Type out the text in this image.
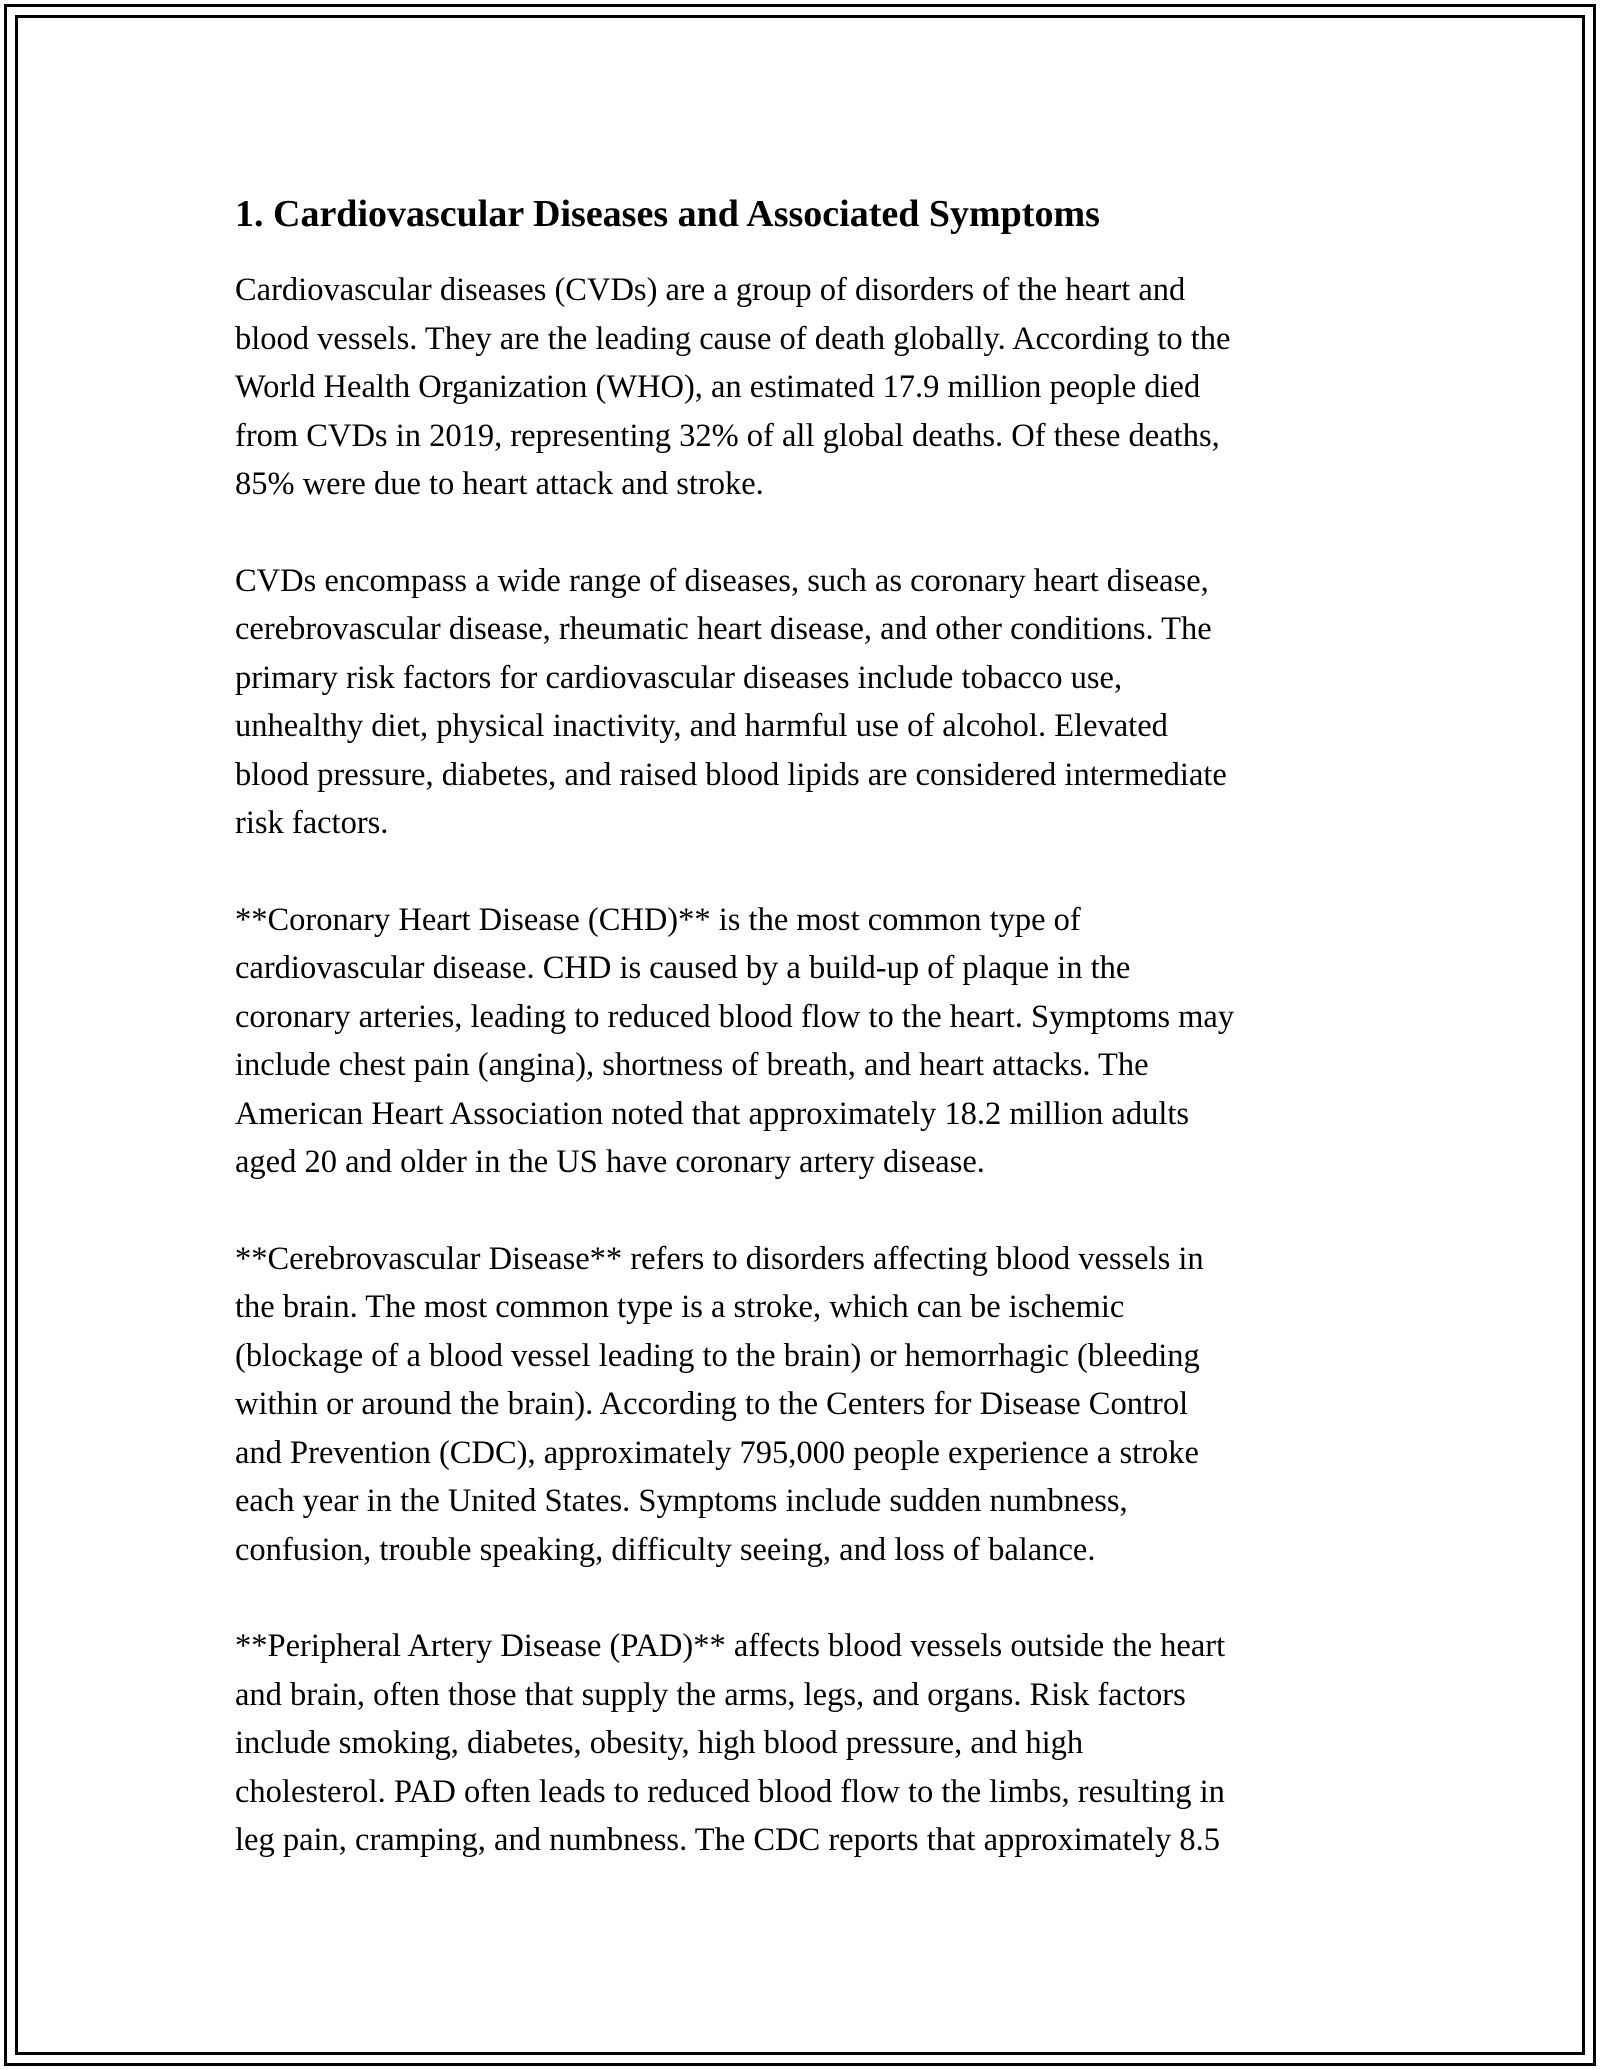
1. Cardiovascular Diseases and Associated Symptoms

Cardiovascular diseases (CVDs) are a group of disorders of the heart and
blood vessels. They are the leading cause of death globally. According to the
World Health Organization (WHO), an estimated 17.9 million people died
from CVDs in 2019, representing 32% of all global deaths. Of these deaths,
85% were due to heart attack and stroke.

CVDs encompass a wide range of diseases, such as coronary heart disease,
cerebrovascular disease, rheumatic heart disease, and other conditions. The
primary risk factors for cardiovascular diseases include tobacco use,
unhealthy diet, physical inactivity, and harmful use of alcohol. Elevated
blood pressure, diabetes, and raised blood lipids are considered intermediate
risk factors.

**Coronary Heart Disease (CHD)** is the most common type of
cardiovascular disease. CHD is caused by a build-up of plaque in the
coronary arteries, leading to reduced blood flow to the heart. Symptoms may
include chest pain (angina), shortness of breath, and heart attacks. The
American Heart Association noted that approximately 18.2 million adults
aged 20 and older in the US have coronary artery disease.

**Cerebrovascular Disease** refers to disorders affecting blood vessels in
the brain. The most common type is a stroke, which can be ischemic
(blockage of a blood vessel leading to the brain) or hemorrhagic (bleeding
within or around the brain). According to the Centers for Disease Control
and Prevention (CDC), approximately 795,000 people experience a stroke
each year in the United States. Symptoms include sudden numbness,
confusion, trouble speaking, difficulty seeing, and loss of balance.

**Peripheral Artery Disease (PAD)** affects blood vessels outside the heart
and brain, often those that supply the arms, legs, and organs. Risk factors
include smoking, diabetes, obesity, high blood pressure, and high
cholesterol. PAD often leads to reduced blood flow to the limbs, resulting in
leg pain, cramping, and numbness. The CDC reports that approximately 8.5
